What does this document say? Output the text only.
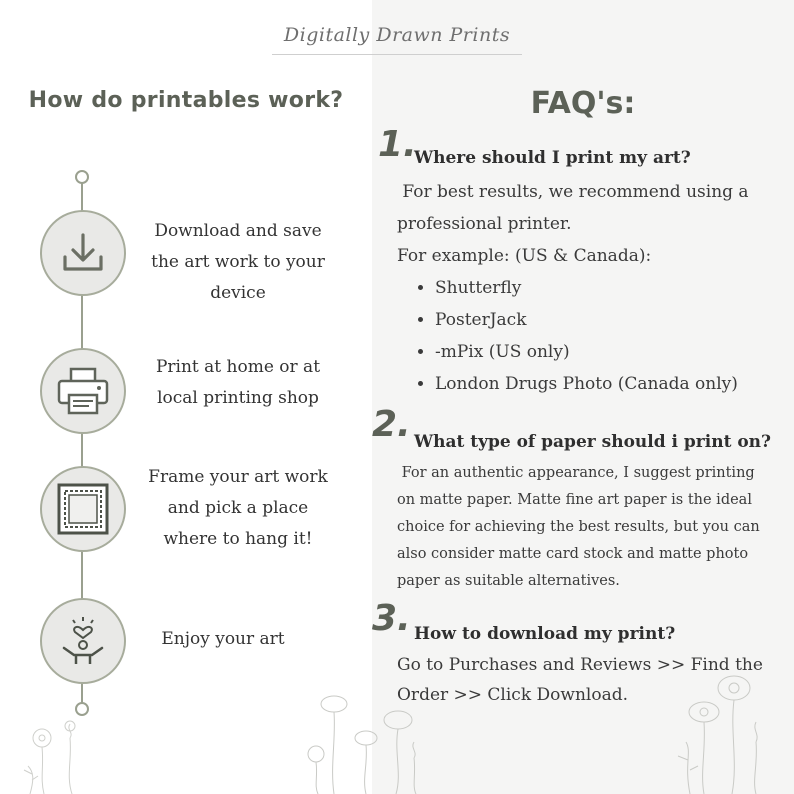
Digitally Drawn Prints
How do printables work?	FAQ's:
Download and save
the art work to your
device
Print at home or at
local printing shop
Frame your art work
and pick a place
where to hang it!
Enjoy your art
1.
Where should I print my art?
For best results, we recommend using a
professional printer.
For example: (US & Canada):
• Shutterfly
• PosterJack
• -mPix (US only)
• London Drugs Photo (Canada only)
2. What type of paper should i print on?
For an authentic appearance, I suggest printing
on matte paper. Matte fine art paper is the ideal
choice for achieving the best results, but you can
also consider matte card stock and matte photo
paper as suitable alternatives.
3. How to download my print?
Go to Purchases and Reviews >> Find the
Order >> Click Download.
